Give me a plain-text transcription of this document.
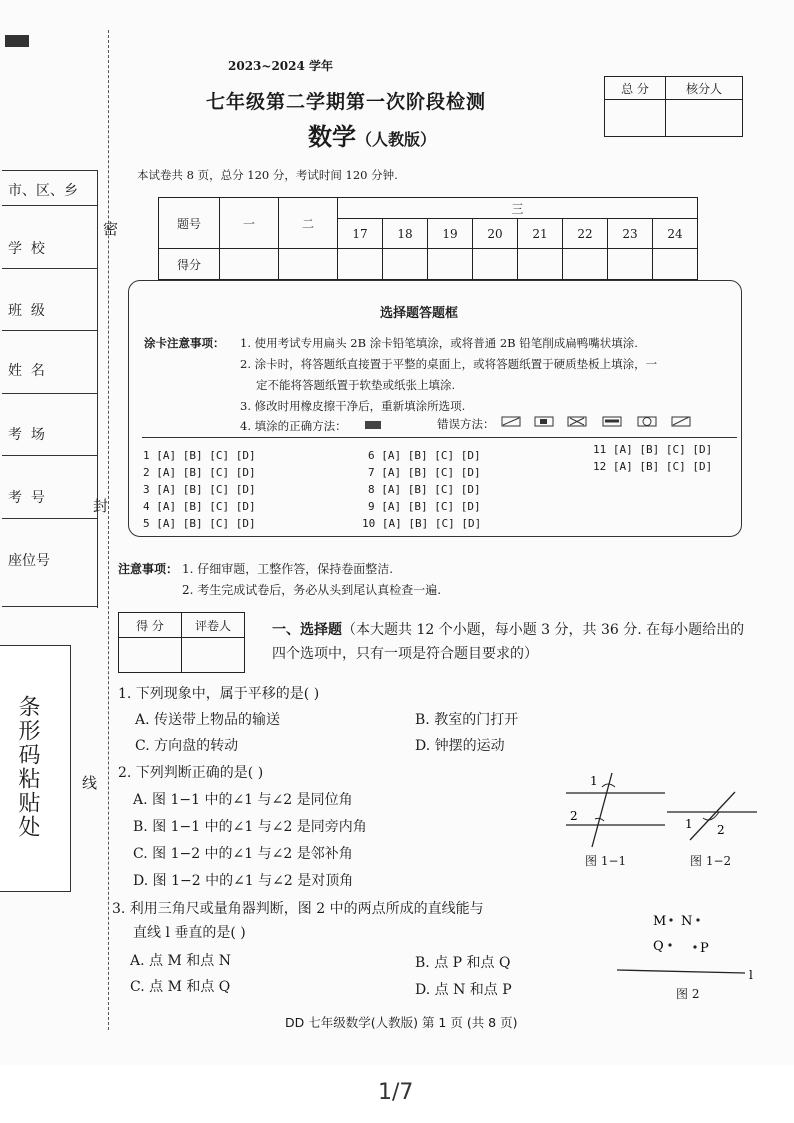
市、区、乡
学  校
班  级
姓  名
考  场
考  号
座位号
密
封
线
条形码粘贴处
2023~2024 学年
七年级第二学期第一次阶段检测
数学（人教版）
总 分	核分人

本试卷共 8 页，总分 120 分，考试时间 120 分钟.
题号	一	二	三							
			17	18	19	20	21	22	23	24
得分										
选择题答题框
涂卡注意事项： 1. 使用考试专用扁头 2B 涂卡铅笔填涂，或将普通 2B 铅笔削成扁鸭嘴状填涂.
2. 涂卡时，将答题纸直接置于平整的桌面上，或将答题纸置于硬质垫板上填涂，一
定不能将答题纸置于软垫或纸张上填涂.
3. 修改时用橡皮擦干净后，重新填涂所选项.
4. 填涂的正确方法：	错误方法：
1 [A] [B] [C] [D]
2 [A] [B] [C] [D]
3 [A] [B] [C] [D]
4 [A] [B] [C] [D]
5 [A] [B] [C] [D]
6 [A] [B] [C] [D]
7 [A] [B] [C] [D]
8 [A] [B] [C] [D]
9 [A] [B] [C] [D]
10 [A] [B] [C] [D]
11 [A] [B] [C] [D]
12 [A] [B] [C] [D]
注意事项： 1. 仔细审题，工整作答，保持卷面整洁.
2. 考生完成试卷后，务必从头到尾认真检查一遍.
得 分	评卷人
		一、选择题（本大题共 12 个小题，每小题 3 分，共 36 分. 在每小题给出的四个选项中，只有一项是符合题目要求的）
1. 下列现象中，属于平移的是( )
A. 传送带上物品的输送	B. 教室的门打开
C. 方向盘的转动	D. 钟摆的运动
2. 下列判断正确的是( )
A. 图 1−1 中的∠1 与∠2 是同位角
B. 图 1−1 中的∠1 与∠2 是同旁内角
C. 图 1−2 中的∠1 与∠2 是邻补角
D. 图 1−2 中的∠1 与∠2 是对顶角
3. 利用三角尺或量角器判断，图 2 中的两点所成的直线能与
直线 l 垂直的是( )
A. 点 M 和点 N	B. 点 P 和点 Q
C. 点 M 和点 Q	D. 点 N 和点 P
1
2
图 1−1
1 2
图 1−2
M N
Q	P
l
图 2
DD 七年级数学(人教版) 第 1 页 (共 8 页)
1/7
